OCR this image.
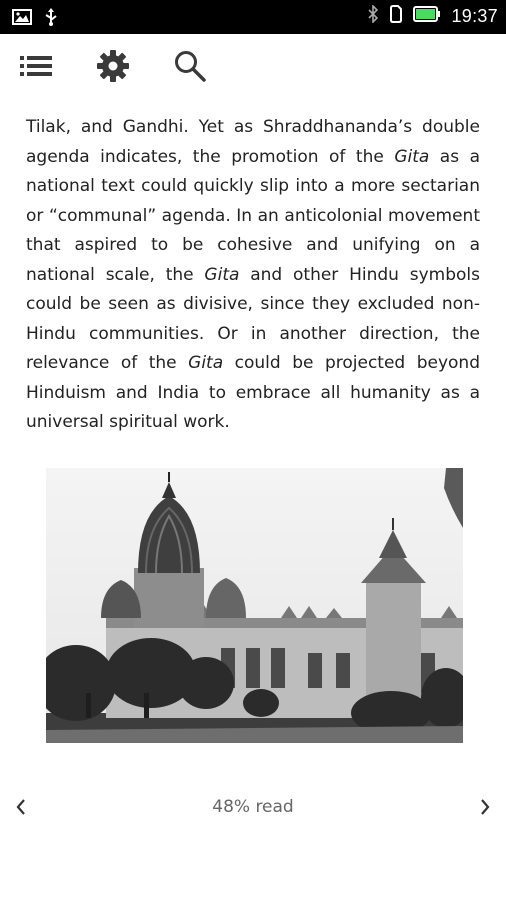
19:37

Tilak, and Gandhi. Yet as Shraddhananda’s double agenda indicates, the promotion of the Gita as a national text could quickly slip into a more sectarian or “communal” agenda. In an anticolonial movement that aspired to be cohesive and unifying on a national scale, the Gita and other Hindu symbols could be seen as divisive, since they excluded non-Hindu communities. Or in another direction, the relevance of the Gita could be projected beyond Hinduism and India to embrace all humanity as a universal spiritual work.

48% read
